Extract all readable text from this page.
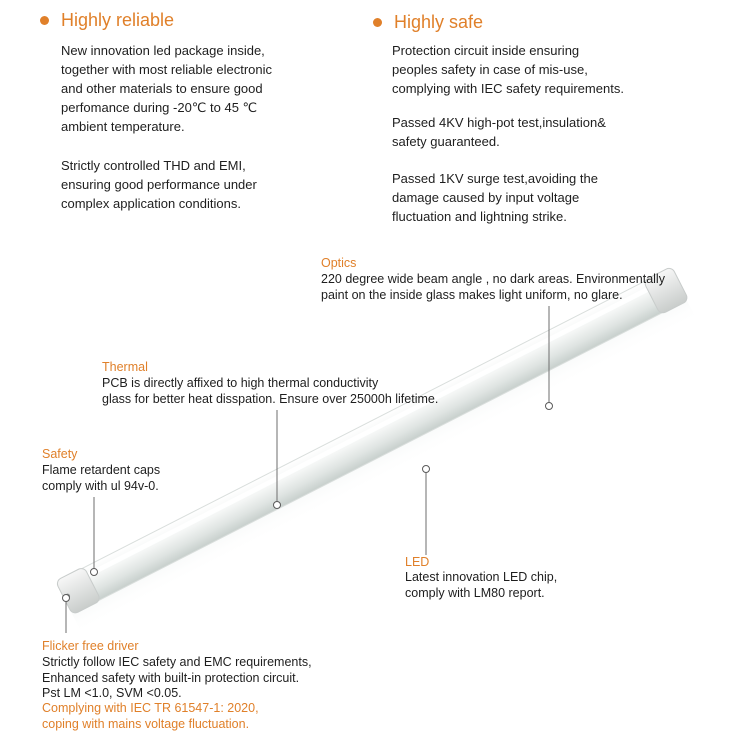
Highly reliable
New innovation led package inside,
together with most reliable electronic
and other materials to ensure good
perfomance during -20℃ to 45 ℃
ambient temperature.
Strictly controlled THD and EMI,
ensuring good performance under
complex application conditions.
Highly safe
Protection circuit inside ensuring
peoples safety in case of mis-use,
complying with IEC safety requirements.
Passed 4KV high-pot test,insulation&
safety guaranteed.
Passed 1KV surge test,avoiding the
damage caused by input voltage
fluctuation and lightning strike.
Optics
220 degree wide beam angle , no dark areas. Environmentally
paint on the inside glass makes light uniform, no glare.
Thermal
PCB is directly affixed to high thermal conductivity
glass for better heat disspation. Ensure over 25000h lifetime.
Safety
Flame retardent caps
comply with ul 94v-0.
LED
Latest innovation LED chip,
comply with LM80 report.
Flicker free driver
Strictly follow IEC safety and EMC requirements,
Enhanced safety with built-in protection circuit.
Pst LM <1.0, SVM <0.05.
Complying with IEC TR 61547-1: 2020,
coping with mains voltage fluctuation.
